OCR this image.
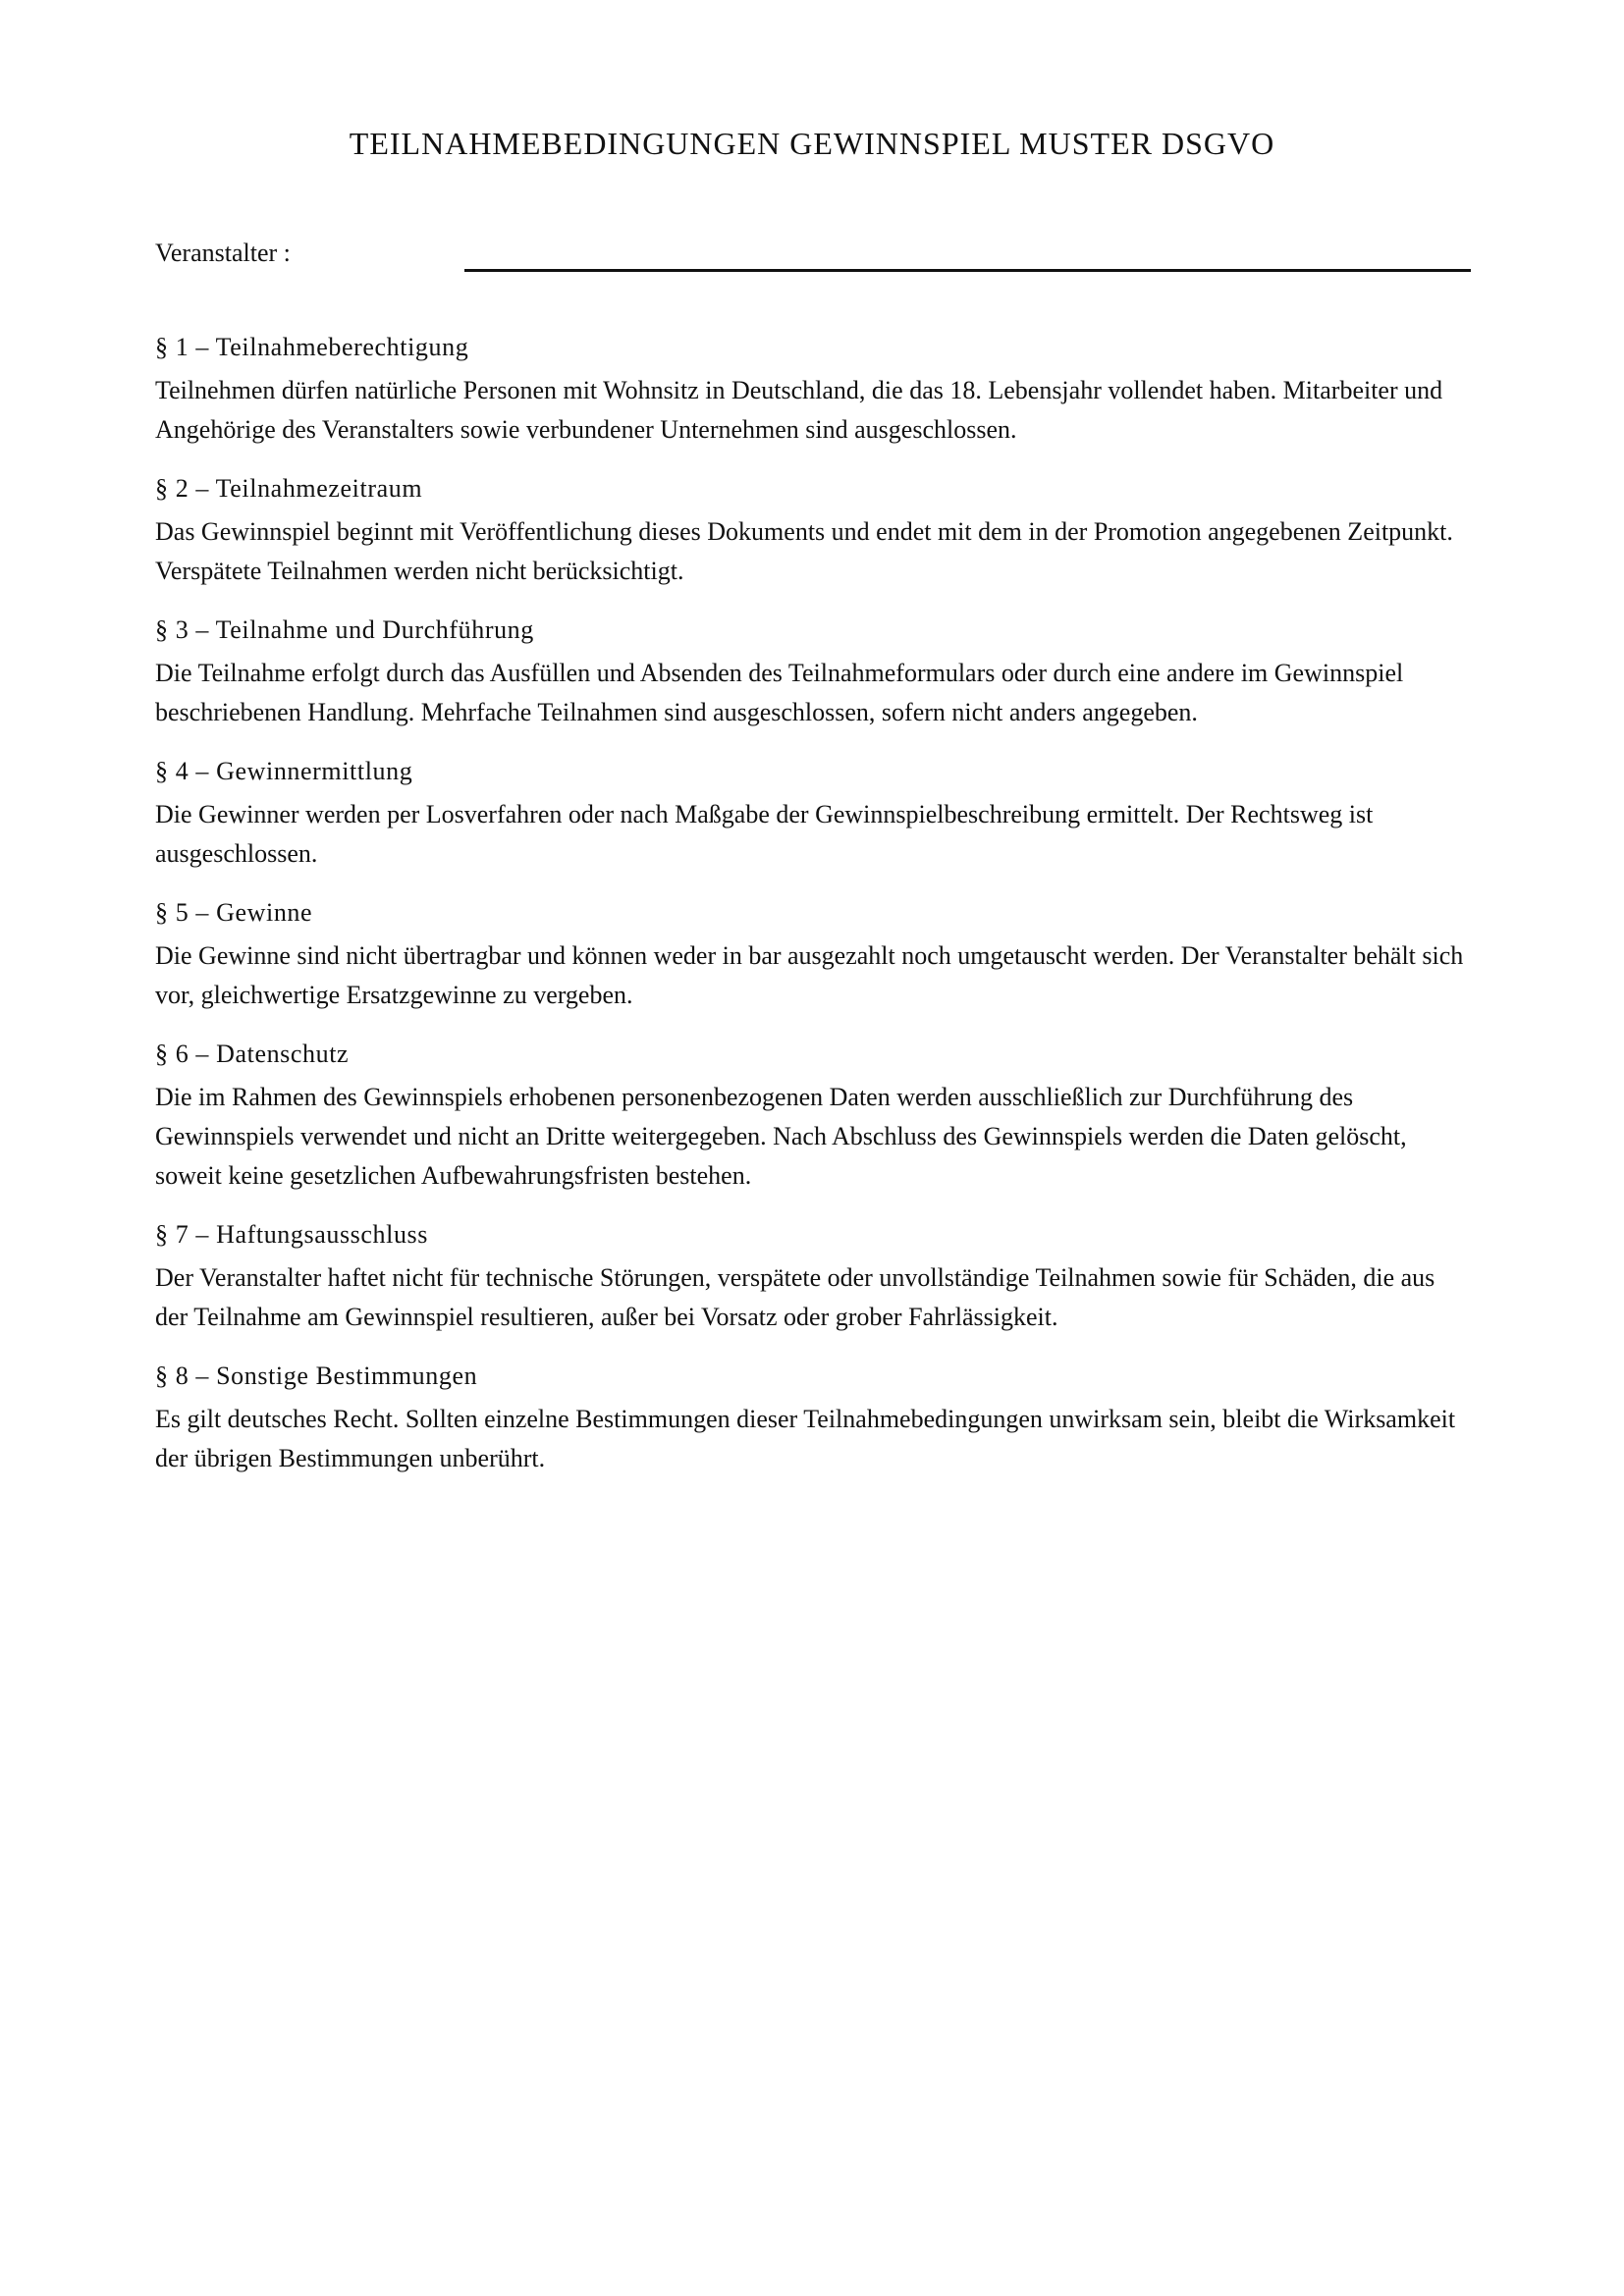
TEILNAHMEBEDINGUNGEN GEWINNSPIEL MUSTER DSGVO
Veranstalter :
§ 1 – Teilnahmeberechtigung

Teilnehmen dürfen natürliche Personen mit Wohnsitz in Deutschland, die das 18. Lebensjahr vollendet haben. Mitarbeiter und Angehörige des Veranstalters sowie verbundener Unternehmen sind ausgeschlossen.

§ 2 – Teilnahmezeitraum

Das Gewinnspiel beginnt mit Veröffentlichung dieses Dokuments und endet mit dem in der Promotion angegebenen Zeitpunkt. Verspätete Teilnahmen werden nicht berücksichtigt.

§ 3 – Teilnahme und Durchführung

Die Teilnahme erfolgt durch das Ausfüllen und Absenden des Teilnahmeformulars oder durch eine andere im Gewinnspiel beschriebenen Handlung. Mehrfache Teilnahmen sind ausgeschlossen, sofern nicht anders angegeben.

§ 4 – Gewinnermittlung

Die Gewinner werden per Losverfahren oder nach Maßgabe der Gewinnspielbeschreibung ermittelt. Der Rechtsweg ist ausgeschlossen.

§ 5 – Gewinne

Die Gewinne sind nicht übertragbar und können weder in bar ausgezahlt noch umgetauscht werden. Der Veranstalter behält sich vor, gleichwertige Ersatzgewinne zu vergeben.

§ 6 – Datenschutz

Die im Rahmen des Gewinnspiels erhobenen personenbezogenen Daten werden ausschließlich zur Durchführung des Gewinnspiels verwendet und nicht an Dritte weitergegeben. Nach Abschluss des Gewinnspiels werden die Daten gelöscht, soweit keine gesetzlichen Aufbewahrungsfristen bestehen.

§ 7 – Haftungsausschluss

Der Veranstalter haftet nicht für technische Störungen, verspätete oder unvollständige Teilnahmen sowie für Schäden, die aus der Teilnahme am Gewinnspiel resultieren, außer bei Vorsatz oder grober Fahrlässigkeit.

§ 8 – Sonstige Bestimmungen

Es gilt deutsches Recht. Sollten einzelne Bestimmungen dieser Teilnahmebedingungen unwirksam sein, bleibt die Wirksamkeit der übrigen Bestimmungen unberührt.
